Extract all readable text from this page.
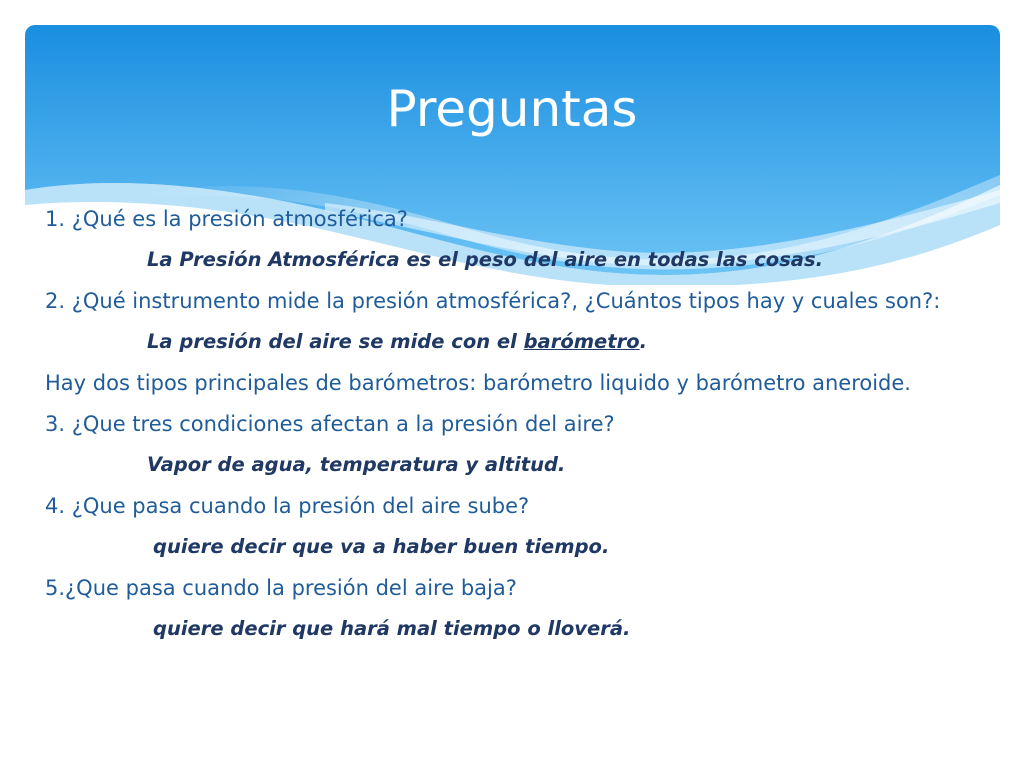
Preguntas

1. ¿Qué es la presión atmosférica?

La Presión Atmosférica es el peso del aire en todas las cosas.

2. ¿Qué instrumento mide la presión atmosférica?, ¿Cuántos tipos hay y cuales son?:

La presión del aire se mide con el barómetro.

Hay dos tipos principales de barómetros: barómetro liquido y barómetro aneroide.

3. ¿Que tres condiciones afectan a la presión del aire?

Vapor de agua, temperatura y altitud.

4. ¿Que pasa cuando la presión del aire sube?

quiere decir que va a haber buen tiempo.

5.¿Que pasa cuando la presión del aire baja?

quiere decir que hará mal tiempo o lloverá.
